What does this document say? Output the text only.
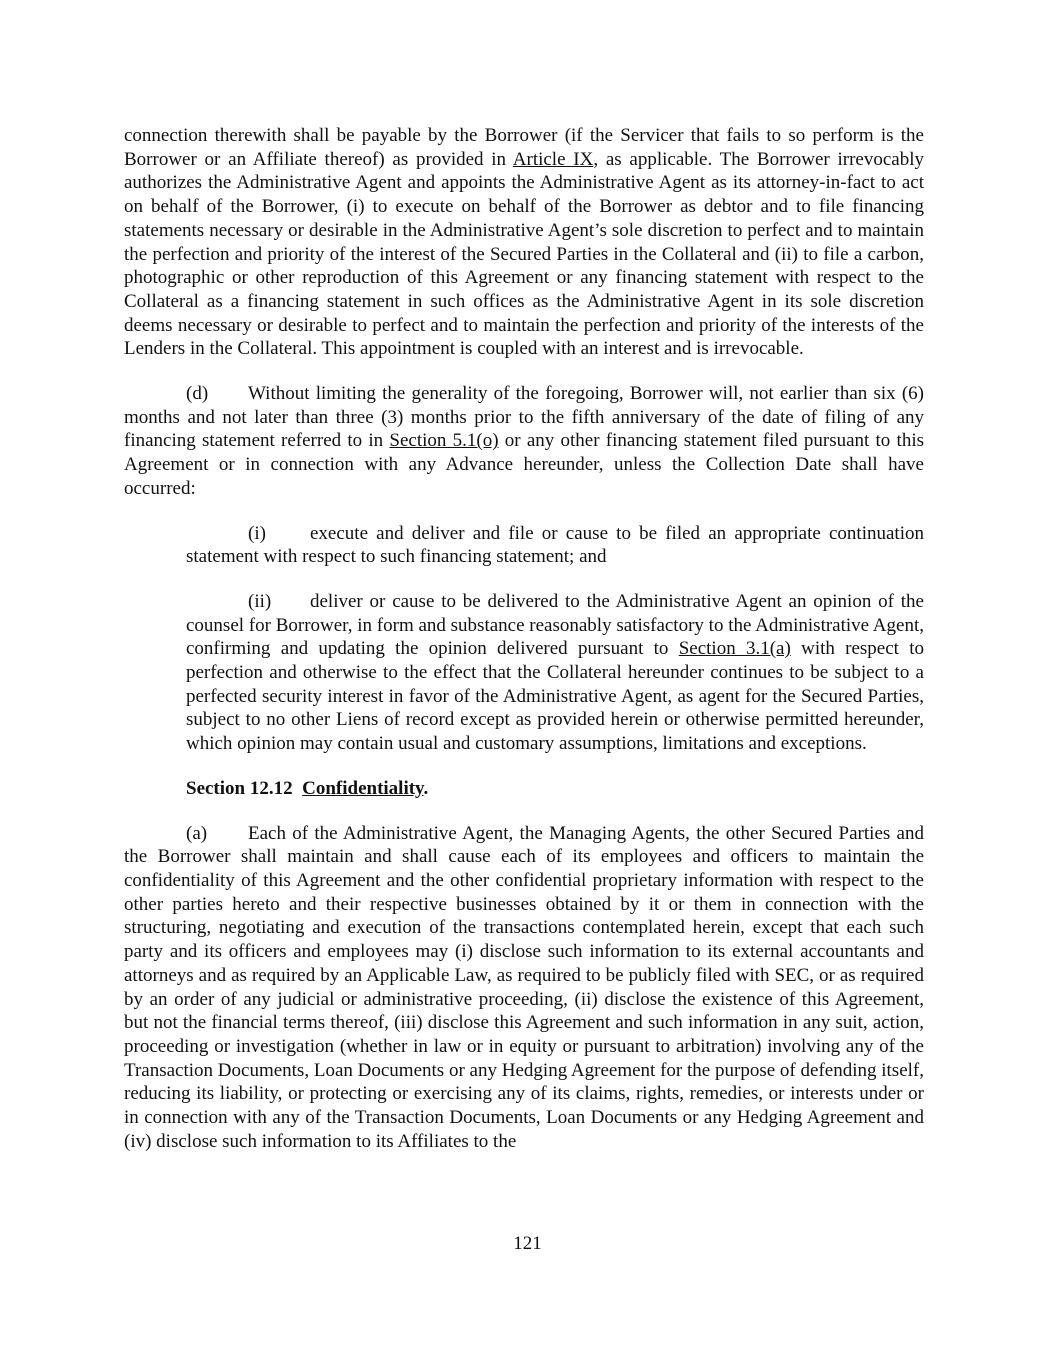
connection therewith shall be payable by the Borrower (if the Servicer that fails to so perform is the Borrower or an Affiliate thereof) as provided in Article IX, as applicable. The Borrower irrevocably authorizes the Administrative Agent and appoints the Administrative Agent as its attorney-in-fact to act on behalf of the Borrower, (i) to execute on behalf of the Borrower as debtor and to file financing statements necessary or desirable in the Administrative Agent’s sole discretion to perfect and to maintain the perfection and priority of the interest of the Secured Parties in the Collateral and (ii) to file a carbon, photographic or other reproduction of this Agreement or any financing statement with respect to the Collateral as a financing statement in such offices as the Administrative Agent in its sole discretion deems necessary or desirable to perfect and to maintain the perfection and priority of the interests of the Lenders in the Collateral. This appointment is coupled with an interest and is irrevocable.

(d) Without limiting the generality of the foregoing, Borrower will, not earlier than six (6) months and not later than three (3) months prior to the fifth anniversary of the date of filing of any financing statement referred to in Section 5.1(o) or any other financing statement filed pursuant to this Agreement or in connection with any Advance hereunder, unless the Collection Date shall have occurred:

(i) execute and deliver and file or cause to be filed an appropriate continuation statement with respect to such financing statement; and

(ii) deliver or cause to be delivered to the Administrative Agent an opinion of the counsel for Borrower, in form and substance reasonably satisfactory to the Administrative Agent, confirming and updating the opinion delivered pursuant to Section 3.1(a) with respect to perfection and otherwise to the effect that the Collateral hereunder continues to be subject to a perfected security interest in favor of the Administrative Agent, as agent for the Secured Parties, subject to no other Liens of record except as provided herein or otherwise permitted hereunder, which opinion may contain usual and customary assumptions, limitations and exceptions.

Section 12.12 Confidentiality.

(a) Each of the Administrative Agent, the Managing Agents, the other Secured Parties and the Borrower shall maintain and shall cause each of its employees and officers to maintain the confidentiality of this Agreement and the other confidential proprietary information with respect to the other parties hereto and their respective businesses obtained by it or them in connection with the structuring, negotiating and execution of the transactions contemplated herein, except that each such party and its officers and employees may (i) disclose such information to its external accountants and attorneys and as required by an Applicable Law, as required to be publicly filed with SEC, or as required by an order of any judicial or administrative proceeding, (ii) disclose the existence of this Agreement, but not the financial terms thereof, (iii) disclose this Agreement and such information in any suit, action, proceeding or investigation (whether in law or in equity or pursuant to arbitration) involving any of the Transaction Documents, Loan Documents or any Hedging Agreement for the purpose of defending itself, reducing its liability, or protecting or exercising any of its claims, rights, remedies, or interests under or in connection with any of the Transaction Documents, Loan Documents or any Hedging Agreement and (iv) disclose such information to its Affiliates to the

121
